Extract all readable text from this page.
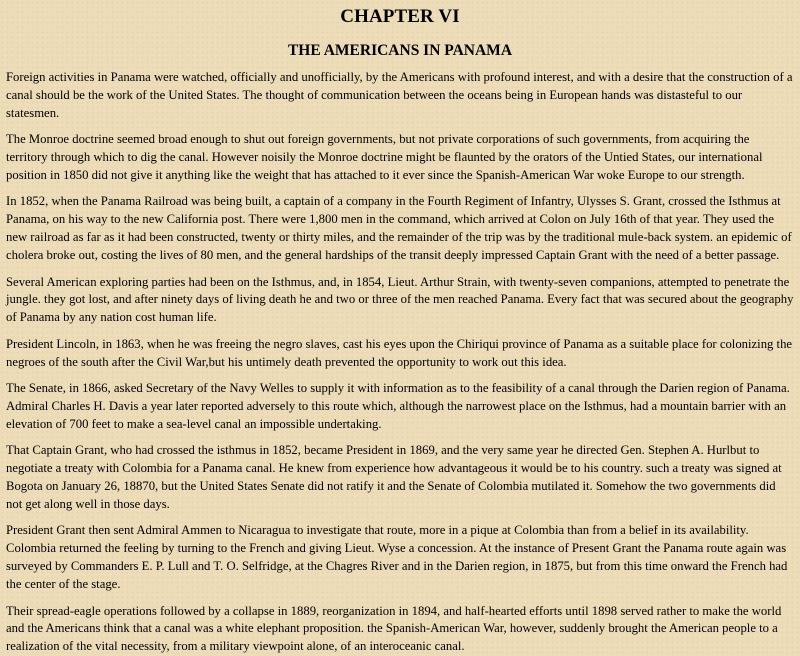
CHAPTER VI
THE AMERICANS IN PANAMA

Foreign activities in Panama were watched, officially and unofficially, by the Americans with profound interest, and with a desire that the construction of a canal should be the work of the United States. The thought of communication between the oceans being in European hands was distasteful to our statesmen.

The Monroe doctrine seemed broad enough to shut out foreign governments, but not private corporations of such governments, from acquiring the territory through which to dig the canal. However noisily the Monroe doctrine might be flaunted by the orators of the Untied States, our international position in 1850 did not give it anything like the weight that has attached to it ever since the Spanish-American War woke Europe to our strength.

In 1852, when the Panama Railroad was being built, a captain of a company in the Fourth Regiment of Infantry, Ulysses S. Grant, crossed the Isthmus at Panama, on his way to the new California post. There were 1,800 men in the command, which arrived at Colon on July 16th of that year. They used the new railroad as far as it had been constructed, twenty or thirty miles, and the remainder of the trip was by the traditional mule-back system. an epidemic of cholera broke out, costing the lives of 80 men, and the general hardships of the transit deeply impressed Captain Grant with the need of a better passage.

Several American exploring parties had been on the Isthmus, and, in 1854, Lieut. Arthur Strain, with twenty-seven companions, attempted to penetrate the jungle. they got lost, and after ninety days of living death he and two or three of the men reached Panama. Every fact that was secured about the geography of Panama by any nation cost human life.

President Lincoln, in 1863, when he was freeing the negro slaves, cast his eyes upon the Chiriqui province of Panama as a suitable place for colonizing the negroes of the south after the Civil War,but his untimely death prevented the opportunity to work out this idea.

The Senate, in 1866, asked Secretary of the Navy Welles to supply it with information as to the feasibility of a canal through the Darien region of Panama. Admiral Charles H. Davis a year later reported adversely to this route which, although the narrowest place on the Isthmus, had a mountain barrier with an elevation of 700 feet to make a sea-level canal an impossible undertaking.

That Captain Grant, who had crossed the isthmus in 1852, became President in 1869, and the very same year he directed Gen. Stephen A. Hurlbut to negotiate a treaty with Colombia for a Panama canal. He knew from experience how advantageous it would be to his country. such a treaty was signed at Bogota on January 26, 18870, but the United States Senate did not ratify it and the Senate of Colombia mutilated it. Somehow the two governments did not get along well in those days.

President Grant then sent Admiral Ammen to Nicaragua to investigate that route, more in a pique at Colombia than from a belief in its availability. Colombia returned the feeling by turning to the French and giving Lieut. Wyse a concession. At the instance of Present Grant the Panama route again was surveyed by Commanders E. P. Lull and T. O. Selfridge, at the Chagres River and in the Darien region, in 1875, but from this time onward the French had the center of the stage.

Their spread-eagle operations followed by a collapse in 1889, reorganization in 1894, and half-hearted efforts until 1898 served rather to make the world and the Americans think that a canal was a white elephant proposition. the Spanish-American War, however, suddenly brought the American people to a realization of the vital necessity, from a military viewpoint alone, of an interoceanic canal.
